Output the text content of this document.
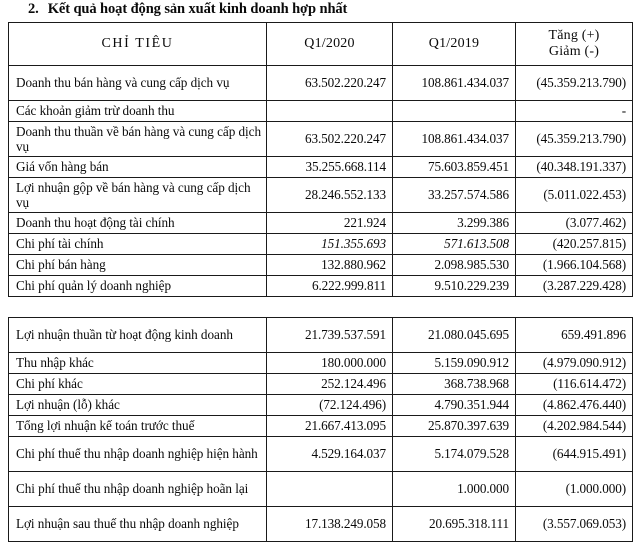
2. Kết quả hoạt động sản xuất kinh doanh hợp nhất
CHỈ TIÊU	Q1/2020	Q1/2019	Tăng (+)
Giảm (-)

Doanh thu bán hàng và cung cấp dịch vụ	63.502.220.247	108.861.434.037	(45.359.213.790)
Các khoản giảm trừ doanh thu			-
Doanh thu thuần về bán hàng và cung cấp dịch vụ	63.502.220.247	108.861.434.037	(45.359.213.790)
Giá vốn hàng bán	35.255.668.114	75.603.859.451	(40.348.191.337)
Lợi nhuận gộp về bán hàng và cung cấp dịch vụ	28.246.552.133	33.257.574.586	(5.011.022.453)
Doanh thu hoạt động tài chính	221.924	3.299.386	(3.077.462)
Chi phí tài chính	151.355.693	571.613.508	(420.257.815)
Chi phí bán hàng	132.880.962	2.098.985.530	(1.966.104.568)
Chi phí quản lý doanh nghiệp	6.222.999.811	9.510.229.239	(3.287.229.428)
Lợi nhuận thuần từ hoạt động kinh doanh	21.739.537.591	21.080.045.695	659.491.896
Thu nhập khác	180.000.000	5.159.090.912	(4.979.090.912)
Chi phí khác	252.124.496	368.738.968	(116.614.472)
Lợi nhuận (lỗ) khác	(72.124.496)	4.790.351.944	(4.862.476.440)
Tổng lợi nhuận kế toán trước thuế	21.667.413.095	25.870.397.639	(4.202.984.544)
Chi phí thuế thu nhập doanh nghiệp hiện hành	4.529.164.037	5.174.079.528	(644.915.491)
Chi phí thuế thu nhập doanh nghiệp hoãn lại		1.000.000	(1.000.000)
Lợi nhuận sau thuế thu nhập doanh nghiệp	17.138.249.058	20.695.318.111	(3.557.069.053)
